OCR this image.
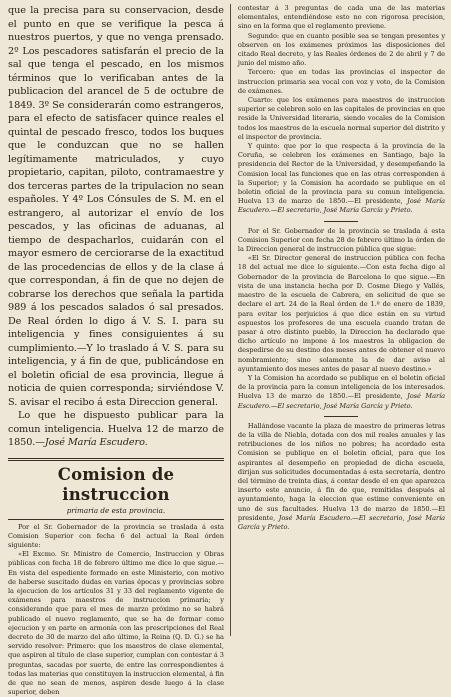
que la precisa para su conservacion, desde el punto en que se verifique la pesca á nuestros puertos, y que no venga prensado. 2º Los pescadores satisfarán el precio de la sal que tenga el pescado, en los mismos términos que lo verificaban antes de la publicacion del arancel de 5 de octubre de 1849. 3º Se considerarán como estrangeros, para el efecto de satisfacer quince reales el quintal de pescado fresco, todos los buques que le conduzcan que no se hallen legítimamente matriculados, y cuyo propietario, capitan, piloto, contramaestre y dos terceras partes de la tripulacion no sean españoles. Y 4º Los Cónsules de S. M. en el estrangero, al autorizar el envío de los pescados, y las oficinas de aduanas, al tiempo de despacharlos, cuidarán con el mayor esmero de cerciorarse de la exactitud de las procedencias de ellos y de la clase á que correspondan, á fin de que no dejen de cobrarse los derechos que señala la partida 989 á los pescados salados ó sal presados. De Real órden lo digo á V. S. I. para su inteligencia y fines consiguientes á su cumplimiento.—Y lo traslado á V. S. para su inteligencia, y á fin de que, publicándose en el boletin oficial de esa provincia, llegue á noticia de quien corresponda; sirviéndose V. S. avisar el recibo á esta Direccion general.

Lo que he dispuesto publicar para la comun inteligencia. Huelva 12 de marzo de 1850.—José María Escudero.

Comision de instruccion
primaria de esta provincia.

Por el Sr. Gobernador de la provincia se traslada á esta Comision Superior con fecha 6 del actual la Real órden siguiente:

«El Excmo. Sr. Ministro de Comercio, Instruccion y Obras públicas con fecha 18 de febrero último me dice lo que sigue.—En vista del espediente formado en este Ministerio, con motivo de haberse suscitado dudas en varias épocas y provincias sobre la ejecucion de los artículos 31 y 33 del reglamento vigente de exámenes para maestros de instruccion primaria; y considerando que para el mes de marzo próximo no se habrá publicado el nuevo reglamento, que se ha de formar como ejecucion y en parte en armonía con las prescripciones del Real decreto de 30 de marzo del año último, la Reina (Q. D. G.) se ha servido resolver: Primero: que los maestros de clase elemental, que aspiren al título de clase superior, cumplan con contestar á 3 preguntas, sacadas por suerte, de entre las correspondientes á todas las materias que constituyen la instruccion elemental, á fin de que no sean de menos, aspiren desde luego á la clase superior, deben

contestar á 3 preguntas de cada una de las materias elementales, entendiéndose esto no con rigorosa precision, sino en la forma que el reglamento previene.

Segundo: que en cuanto posible sea se tengan presentes y observen en los exámenes próximos las disposiciones del citado Real decreto, y las Reales órdenes de 2 de abril y 7 de junio del mismo año.

Tercero: que en todas las provincias el inspector de instruccion primaria sea vocal con voz y voto, de la Comision de exámenes.

Cuarto: que los exámenes para maestros de instruccion superior se celebren solo en las capitales de provincias en que reside la Universidad literaria, siendo vocales de la Comision todos los maestros de la escuela normal superior del distrito y el inspector de provincia.

Y quinto: que por lo que respecta á la provincia de la Coruña, se celebren los exámenes en Santiago, bajo la presidencia del Rector de la Universidad, y desempeñando la Comision local las funciones que en las otras corresponden á la Superior; y la Comision ha acordado se publique en el boletin oficial de la provincia para su comun inteligencia. Huelva 13 de marzo de 1850.—El presidente, José María Escudero.—El secretario, José María García y Prieto.

Por el Sr. Gobernador de la provincia se traslada á esta Comision Superior con fecha 28 de febrero último la órden de la Direccion general de instruccion pública que sigue:

«El Sr. Director general de instruccion pública con fecha 18 del actual me dice lo siguiente.—Con esta fecha digo al Gobernador de la provincia de Barcelona lo que sigue.—En vista de una instancia hecha por D. Cosme Diego y Vallés, maestro de la escuela de Cabrera, en solicitud de que se declare el art. 24 de la Real órden de 1.º de enero de 1839, para evitar los perjuicios á que dice están en su virtud espuestos los profesores de una escuela cuando tratan de pasar á otro distinto pueblo, la Direccion ha declarado que dicho artículo no impone á los maestros la obligacion de despedirse de su destino dos meses antes de obtener el nuevo nombramiento; sino solamente la de dar aviso al ayuntamiento dos meses antes de pasar al nuevo destino.»

Y la Comision ha acordado se publique en el boletin oficial de la provincia para la comun inteligencia de los interesados. Huelva 13 de marzo de 1850.—El presidente, José María Escudero.—El secretario, José María García y Prieto.

Hallándose vacante la plaza de maestro de primeras letras de la villa de Niebla, dotada con dos mil reales anuales y las retribuciones de los niños no pobres; ha acordado esta Comision se publique en el boletin oficial, para que los aspirantes al desempeño en propiedad de dicha escuela, dirijan sus solicitudes documentadas á esta secretaría, dentro del término de treinta dias, á contar desde el en que aparezca inserto este anuncio, á fin de que, remitidas después al ayuntamiento, haga la eleccion que estime conveniente en uno de sus facultades. Huelva 13 de marzo de 1850.—El presidente, José María Escudero.—El secretario, José María García y Prieto.
